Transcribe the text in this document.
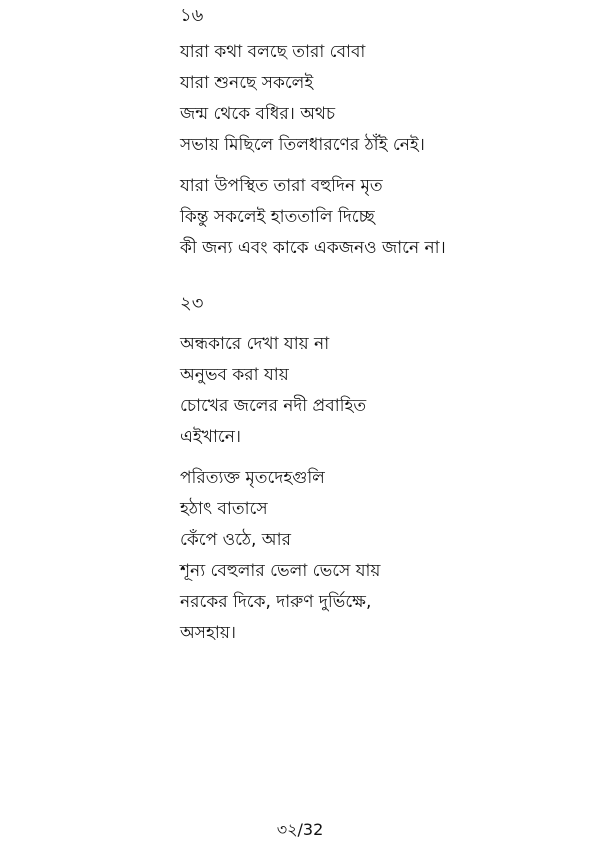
১৬
যারা কথা বলছে তারা বোবা
যারা শুনছে সকলেই
জন্ম থেকে বধির। অথচ
সভায় মিছিলে তিলধারণের ঠাঁই নেই।
যারা উপস্থিত তারা বহুদিন মৃত
কিন্তু সকলেই হাততালি দিচ্ছে
কী জন্য এবং কাকে একজনও জানে না।
২৩
অন্ধকারে দেখা যায় না
অনুভব করা যায়
চোখের জলের নদী প্রবাহিত
এইখানে।
পরিত্যক্ত মৃতদেহগুলি
হঠাৎ বাতাসে
কেঁপে ওঠে, আর
শূন্য বেহুলার ভেলা ভেসে যায়
নরকের দিকে, দারুণ দুর্ভিক্ষে,
অসহায়।
৩২/32
